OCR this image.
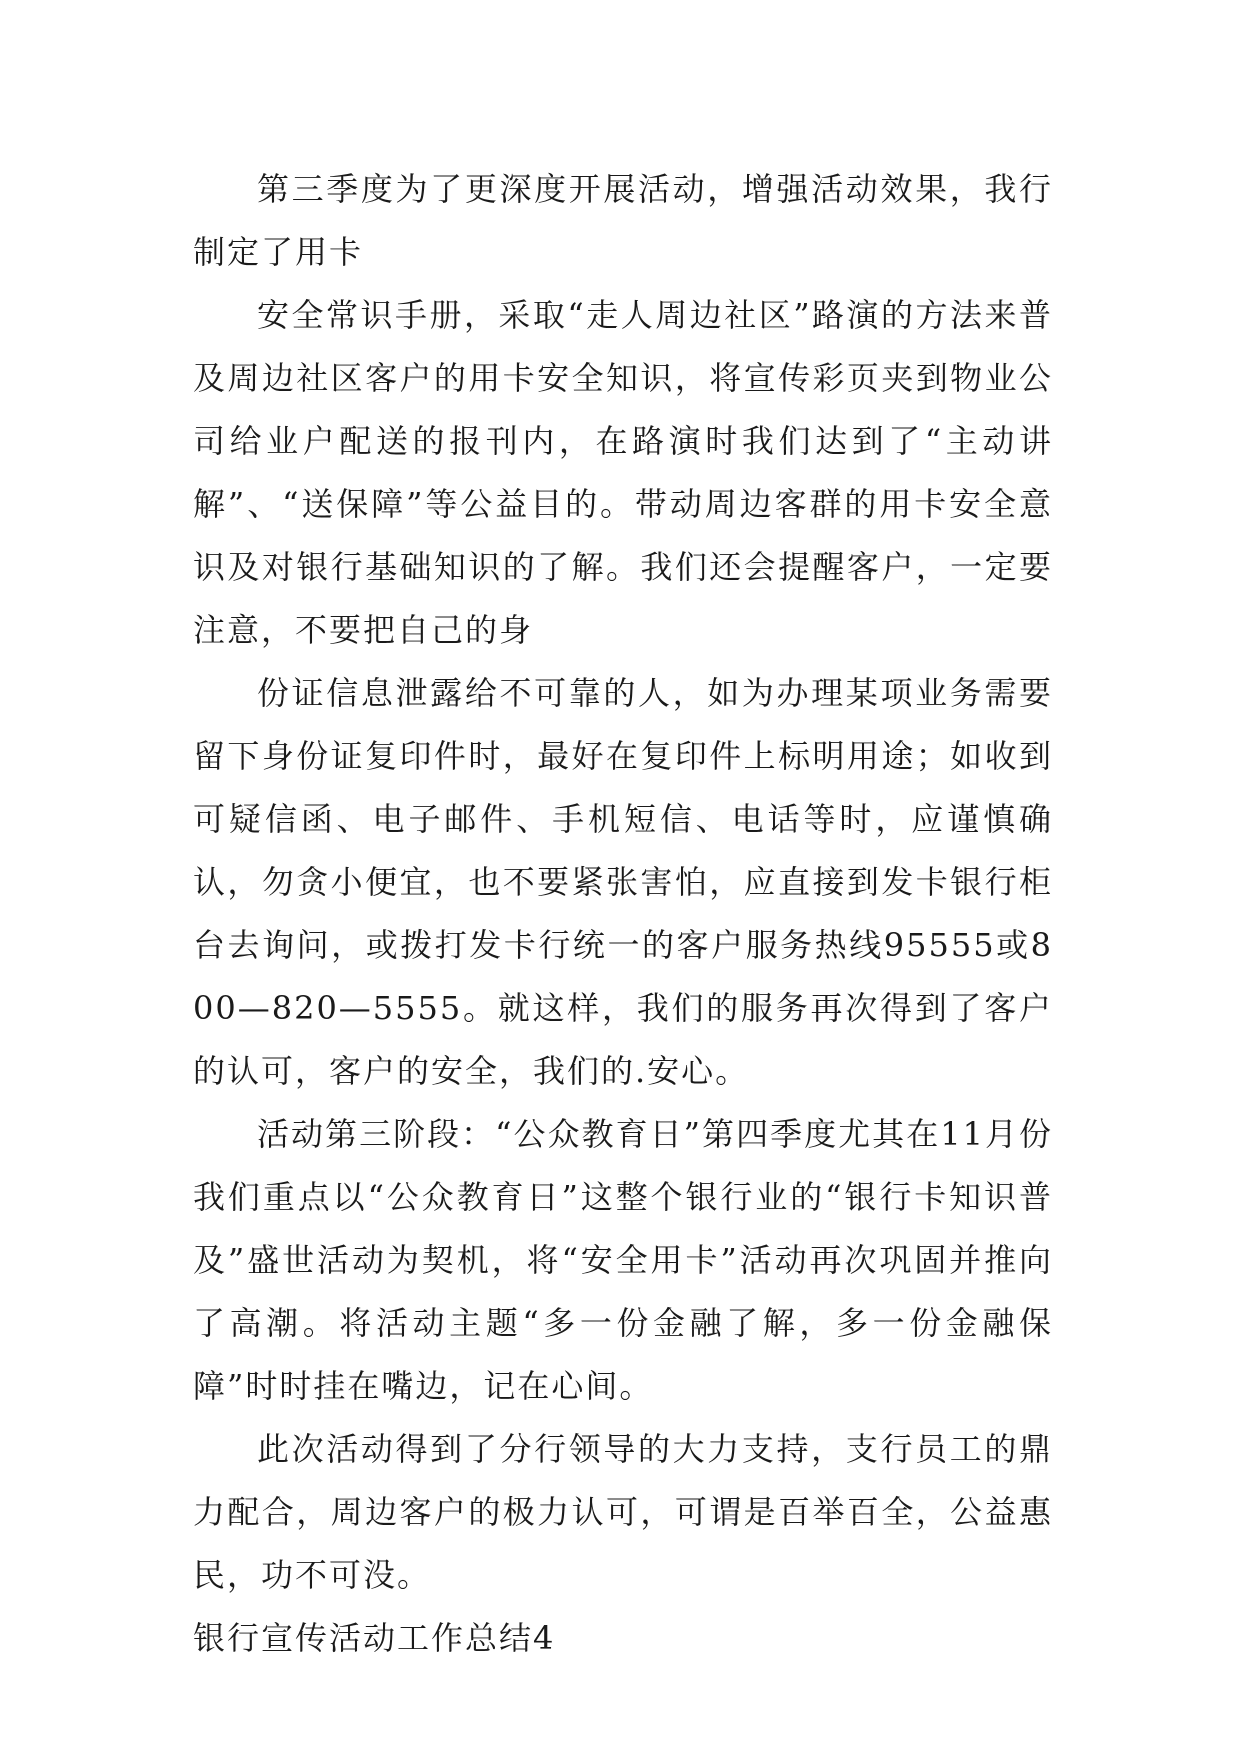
第三季度为了更深度开展活动，增强活动效果，我行制定了用卡

安全常识手册，采取“走人周边社区”路演的方法来普及周边社区客户的用卡安全知识，将宣传彩页夹到物业公司给业户配送的报刊内，在路演时我们达到了“主动讲解”、“送保障”等公益目的。带动周边客群的用卡安全意识及对银行基础知识的了解。我们还会提醒客户，一定要注意，不要把自己的身

份证信息泄露给不可靠的人，如为办理某项业务需要留下身份证复印件时，最好在复印件上标明用途；如收到可疑信函、电子邮件、手机短信、电话等时，应谨慎确认，勿贪小便宜，也不要紧张害怕，应直接到发卡银行柜台去询问，或拨打发卡行统一的客户服务热线95555或800—820—5555。就这样，我们的服务再次得到了客户的认可，客户的安全，我们的.安心。

活动第三阶段：“公众教育日”第四季度尤其在11月份我们重点以“公众教育日”这整个银行业的“银行卡知识普及”盛世活动为契机，将“安全用卡”活动再次巩固并推向了高潮。将活动主题“多一份金融了解，多一份金融保障”时时挂在嘴边，记在心间。

此次活动得到了分行领导的大力支持，支行员工的鼎力配合，周边客户的极力认可，可谓是百举百全，公益惠民，功不可没。

银行宣传活动工作总结4
